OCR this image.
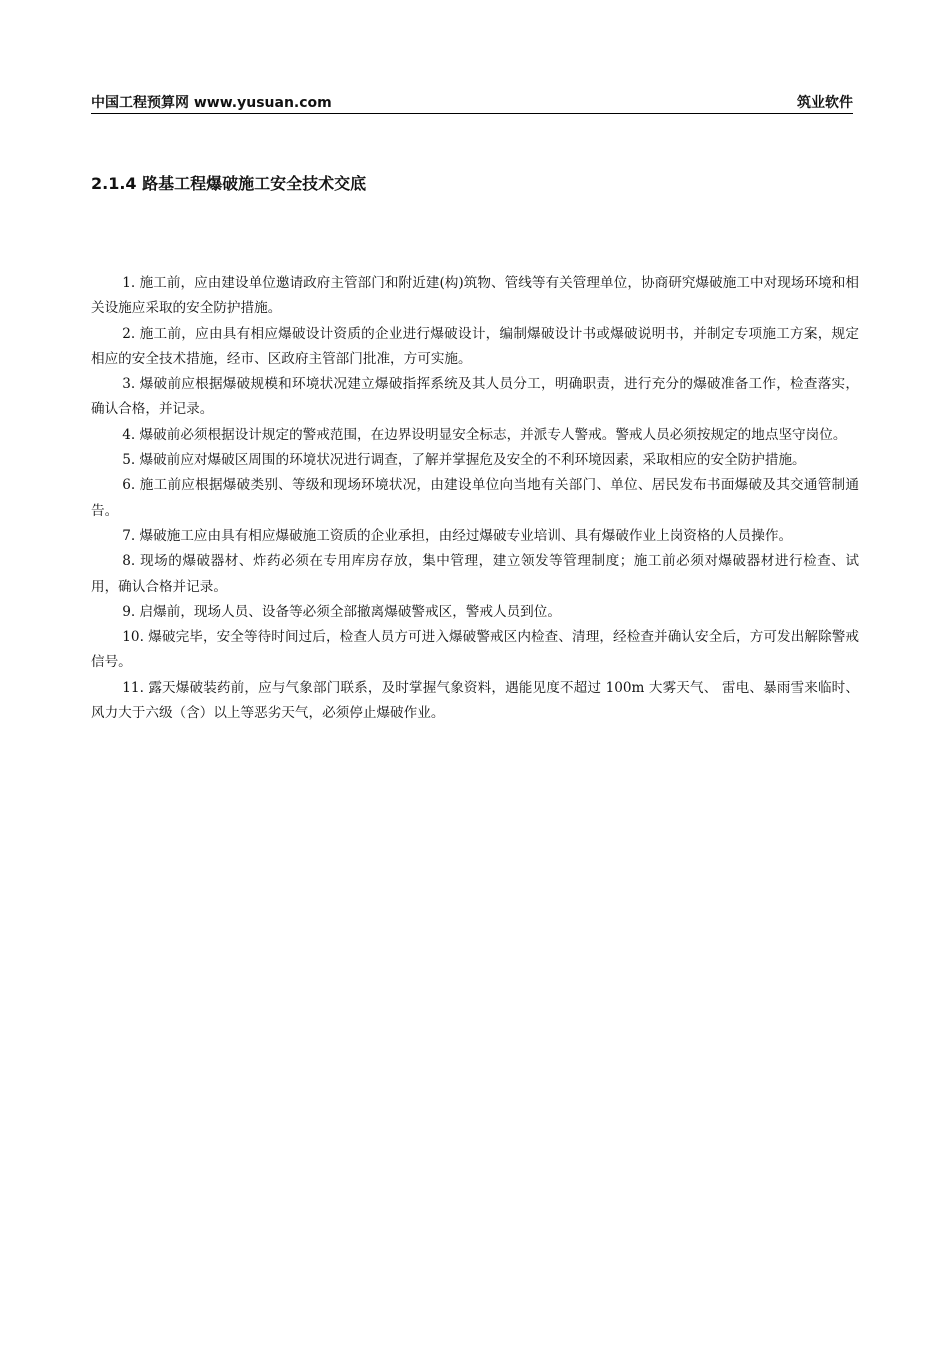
中国工程预算网 www.yusuan.com	筑业软件
2.1.4 路基工程爆破施工安全技术交底

1. 施工前，应由建设单位邀请政府主管部门和附近建(构)筑物、管线等有关管理单位，协商研究爆破施工中对现场环境和相关设施应采取的安全防护措施。

2. 施工前，应由具有相应爆破设计资质的企业进行爆破设计，编制爆破设计书或爆破说明书，并制定专项施工方案，规定相应的安全技术措施，经市、区政府主管部门批准，方可实施。

3. 爆破前应根据爆破规模和环境状况建立爆破指挥系统及其人员分工，明确职责，进行充分的爆破准备工作，检查落实，确认合格，并记录。

4. 爆破前必须根据设计规定的警戒范围，在边界设明显安全标志，并派专人警戒。警戒人员必须按规定的地点坚守岗位。

5. 爆破前应对爆破区周围的环境状况进行调查，了解并掌握危及安全的不利环境因素，采取相应的安全防护措施。

6. 施工前应根据爆破类别、等级和现场环境状况，由建设单位向当地有关部门、单位、居民发布书面爆破及其交通管制通告。

7. 爆破施工应由具有相应爆破施工资质的企业承担，由经过爆破专业培训、具有爆破作业上岗资格的人员操作。

8. 现场的爆破器材、炸药必须在专用库房存放，集中管理，建立领发等管理制度；施工前必须对爆破器材进行检查、试用，确认合格并记录。

9. 启爆前，现场人员、设备等必须全部撤离爆破警戒区，警戒人员到位。

10. 爆破完毕，安全等待时间过后，检查人员方可进入爆破警戒区内检查、清理，经检查并确认安全后，方可发出解除警戒信号。

11. 露天爆破装药前，应与气象部门联系，及时掌握气象资料，遇能见度不超过 100m 大雾天气、 雷电、暴雨雪来临时、风力大于六级（含）以上等恶劣天气，必须停止爆破作业。
